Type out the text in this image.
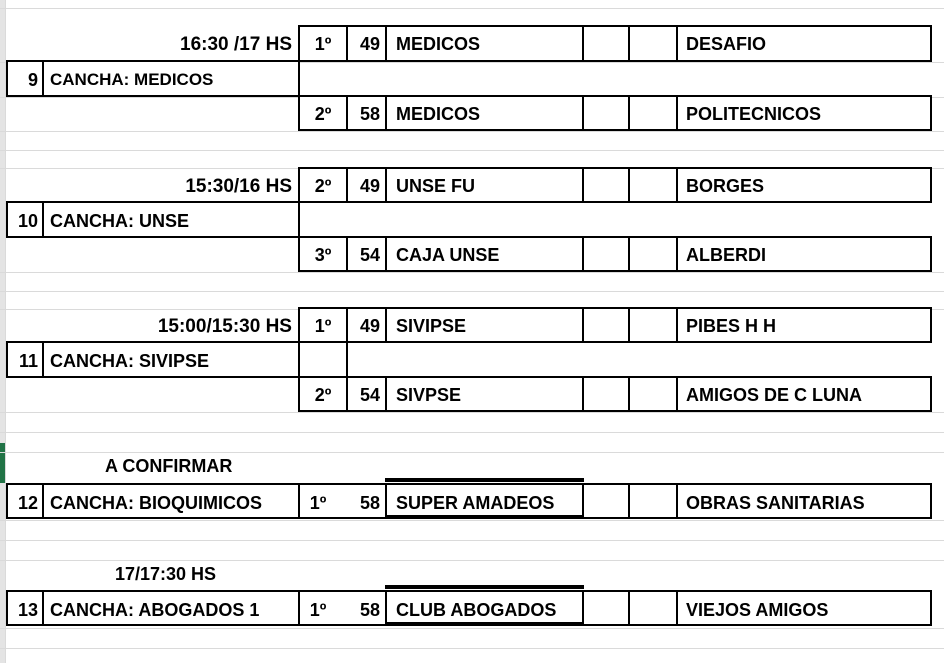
16:30 /17 HS
9 CANCHA: MEDICOS
1º	49 MEDICOS	DESAFIO
2º	58 MEDICOS	POLITECNICOS
15:30/16 HS
10 CANCHA: UNSE
2º	49 UNSE FU	BORGES
3º	54 CAJA UNSE	ALBERDI
15:00/15:30 HS
11 CANCHA: SIVIPSE
1º	49 SIVIPSE	PIBES H H
2º	54 SIVPSE	AMIGOS DE C LUNA
A CONFIRMAR
12 CANCHA: BIOQUIMICOS	1º	58 SUPER AMADEOS	OBRAS SANITARIAS
17/17:30 HS
13 CANCHA: ABOGADOS 1	1º	58 CLUB ABOGADOS	VIEJOS AMIGOS
